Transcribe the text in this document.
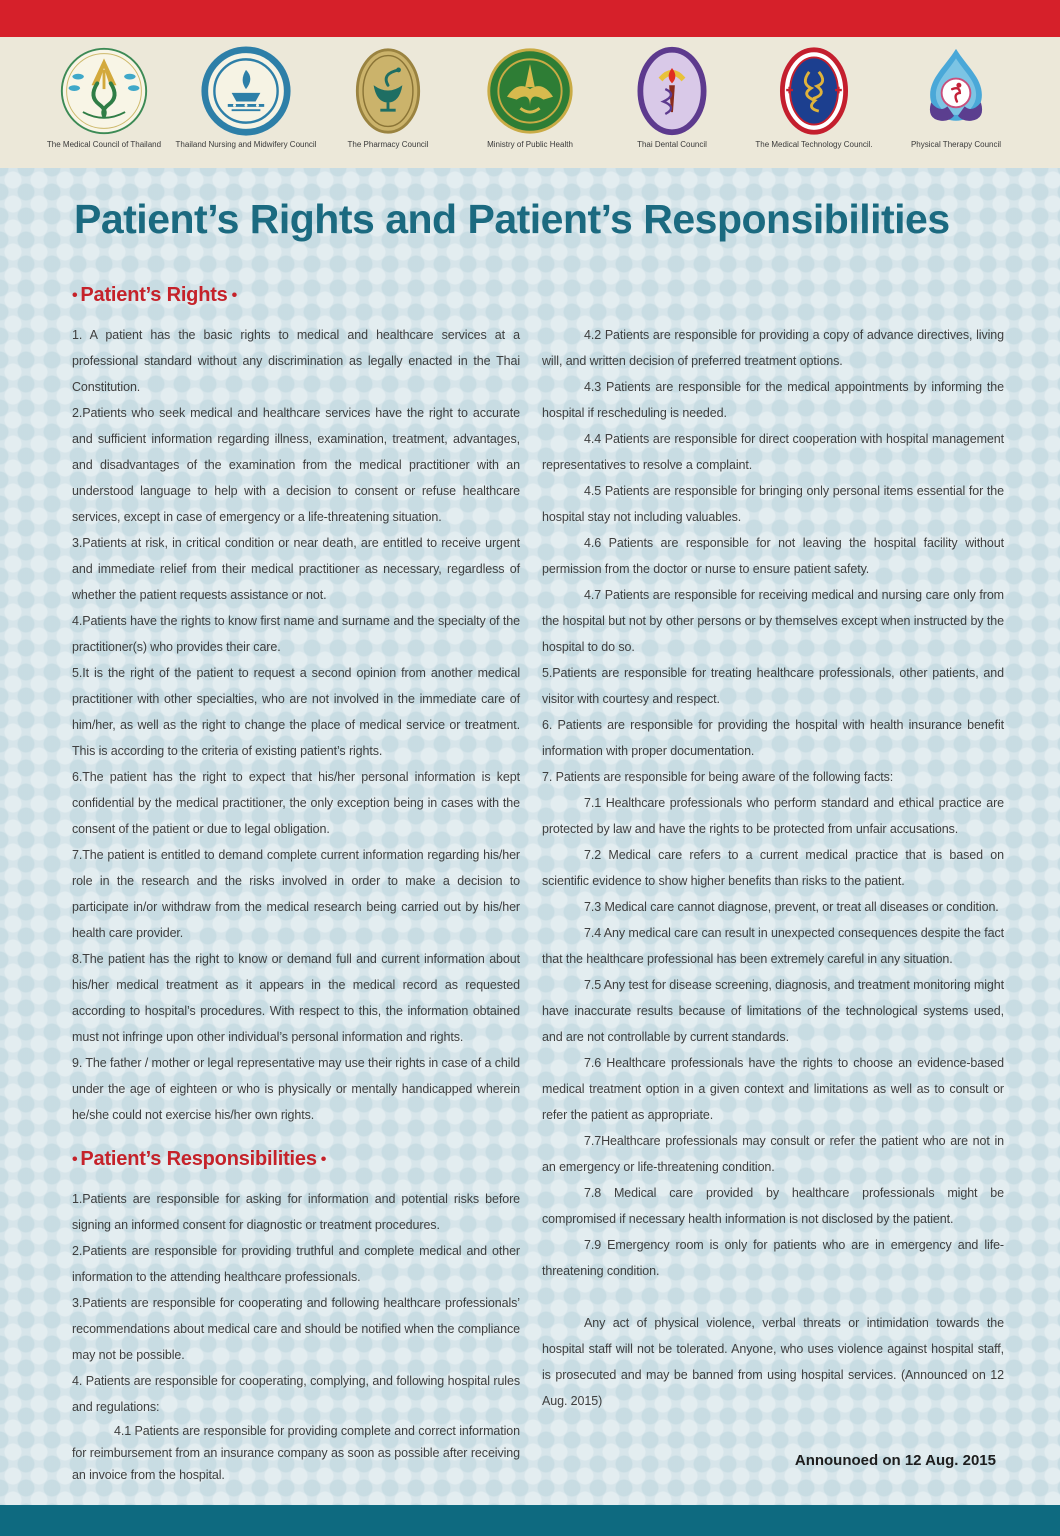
The Medical Council of Thailand Thailand Nursing and Midwifery Council	The Pharmacy Council	Ministry of Public Health	Thai Dental Council	The Medical Technology Council.	Physical Therapy Council
Patient’s Rights and Patient’s Responsibilities
• Patient’s Rights •

1. A patient has the basic rights to medical and healthcare services at a professional standard without any discrimination as legally enacted in the Thai Constitution.

2.Patients who seek medical and healthcare services have the right to accurate and sufficient information regarding illness, examination, treatment, advantages, and disadvantages of the examination from the medical practitioner with an understood language to help with a decision to consent or refuse healthcare services, except in case of emergency or a life-threatening situation.

3.Patients at risk, in critical condition or near death, are entitled to receive urgent and immediate relief from their medical practitioner as necessary, regardless of whether the patient requests assistance or not.

4.Patients have the rights to know first name and surname and the specialty of the practitioner(s) who provides their care.

5.It is the right of the patient to request a second opinion from another medical practitioner with other specialties, who are not involved in the immediate care of him/her, as well as the right to change the place of medical service or treatment. This is according to the criteria of existing patient’s rights.

6.The patient has the right to expect that his/her personal information is kept confidential by the medical practitioner, the only exception being in cases with the consent of the patient or due to legal obligation.

7.The patient is entitled to demand complete current information regarding his/her role in the research and the risks involved in order to make a decision to participate in/or withdraw from the medical research being carried out by his/her health care provider.

8.The patient has the right to know or demand full and current information about his/her medical treatment as it appears in the medical record as requested according to hospital’s procedures. With respect to this, the information obtained must not infringe upon other individual’s personal information and rights.

9. The father / mother or legal representative may use their rights in case of a child under the age of eighteen or who is physically or mentally handicapped wherein he/she could not exercise his/her own rights.

• Patient’s Responsibilities •

1.Patients are responsible for asking for information and potential risks before signing an informed consent for diagnostic or treatment procedures.

2.Patients are responsible for providing truthful and complete medical and other information to the attending healthcare professionals.

3.Patients are responsible for cooperating and following healthcare professionals’ recommendations about medical care and should be notified when the compliance may not be possible.

4. Patients are responsible for cooperating, complying, and following hospital rules and regulations:

4.1 Patients are responsible for providing complete and correct information for reimbursement from an insurance company as soon as possible after receiving an invoice from the hospital.

4.2 Patients are responsible for providing a copy of advance directives, living will, and written decision of preferred treatment options.

4.3 Patients are responsible for the medical appointments by informing the hospital if rescheduling is needed.

4.4 Patients are responsible for direct cooperation with hospital management representatives to resolve a complaint.

4.5 Patients are responsible for bringing only personal items essential for the hospital stay not including valuables.

4.6 Patients are responsible for not leaving the hospital facility without permission from the doctor or nurse to ensure patient safety.

4.7 Patients are responsible for receiving medical and nursing care only from the hospital but not by other persons or by themselves except when instructed by the hospital to do so.

5.Patients are responsible for treating healthcare professionals, other patients, and visitor with courtesy and respect.

6. Patients are responsible for providing the hospital with health insurance benefit information with proper documentation.

7. Patients are responsible for being aware of the following facts:

7.1 Healthcare professionals who perform standard and ethical practice are protected by law and have the rights to be protected from unfair accusations.

7.2 Medical care refers to a current medical practice that is based on scientific evidence to show higher benefits than risks to the patient.

7.3 Medical care cannot diagnose, prevent, or treat all diseases or condition.

7.4 Any medical care can result in unexpected consequences despite the fact that the healthcare professional has been extremely careful in any situation.

7.5 Any test for disease screening, diagnosis, and treatment monitoring might have inaccurate results because of limitations of the technological systems used, and are not controllable by current standards.

7.6 Healthcare professionals have the rights to choose an evidence-based medical treatment option in a given context and limitations as well as to consult or refer the patient as appropriate.

7.7Healthcare professionals may consult or refer the patient who are not in an emergency or life-threatening condition.

7.8 Medical care provided by healthcare professionals might be compromised if necessary health information is not disclosed by the patient.

7.9 Emergency room is only for patients who are in emergency and life-threatening condition.

Any act of physical violence, verbal threats or intimidation towards the hospital staff will not be tolerated. Anyone, who uses violence against hospital staff, is prosecuted and may be banned from using hospital services. (Announced on 12 Aug. 2015)

Announoed on 12 Aug. 2015
